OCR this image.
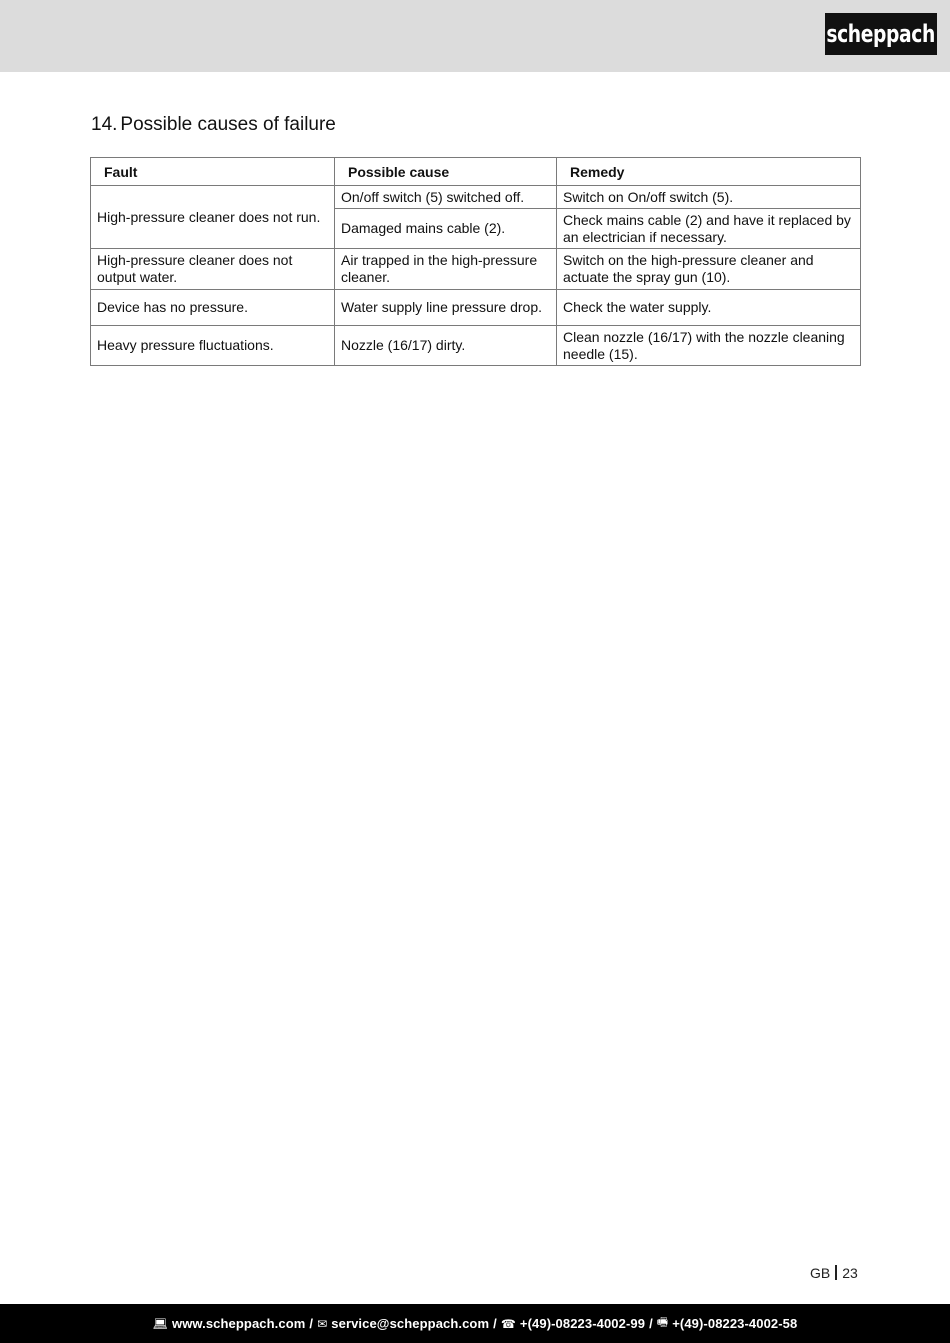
scheppach
14. Possible causes of failure
Fault	Possible cause	Remedy
High-pressure cleaner does not run.	On/off switch (5) switched off.	Switch on On/off switch (5).
	Damaged mains cable (2).	Check mains cable (2) and have it replaced by an electrician if necessary.
High-pressure cleaner does not output water.	Air trapped in the high-pressure cleaner.	Switch on the high-pressure cleaner and actuate the spray gun (10).
Device has no pressure.	Water supply line pressure drop.	Check the water supply.
Heavy pressure fluctuations.	Nozzle (16/17) dirty.	Clean nozzle (16/17) with the nozzle cleaning needle (15).
GB 23
💻︎ www.scheppach.com / ✉︎ service@scheppach.com / ☎︎ +(49)-08223-4002-99 / 🖷︎ +(49)-08223-4002-58
